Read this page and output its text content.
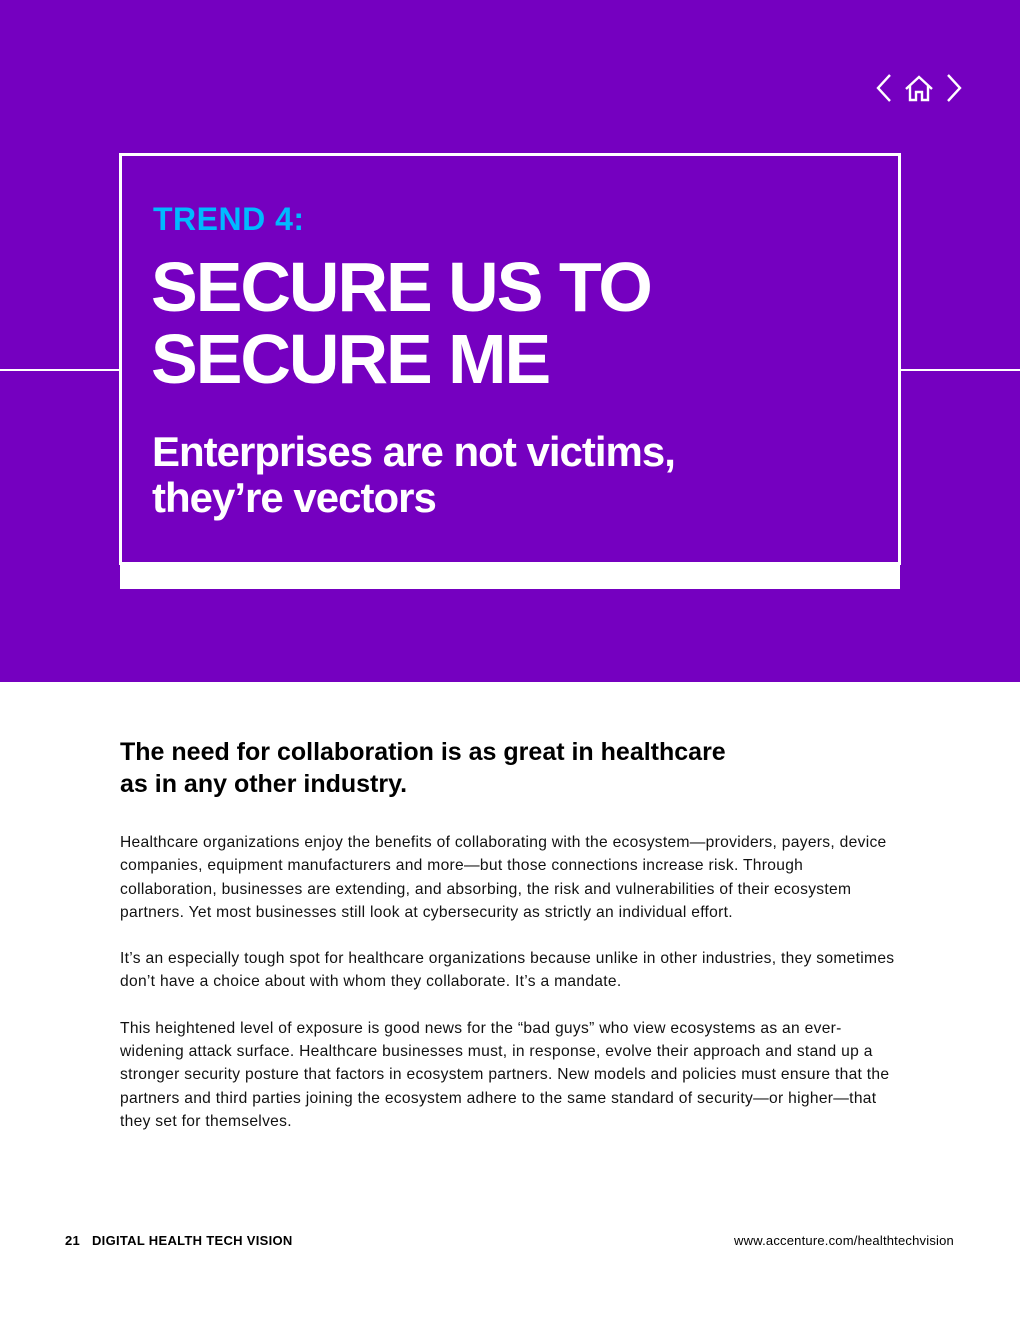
TREND 4:

SECURE US TO
SECURE ME
Enterprises are not victims,
they’re vectors
The need for collaboration is as great in healthcare
as in any other industry.

Healthcare organizations enjoy the benefits of collaborating with the ecosystem—providers, payers, device companies, equipment manufacturers and more—but those connections increase risk. Through collaboration, businesses are extending, and absorbing, the risk and vulnerabilities of their ecosystem partners. Yet most businesses still look at cybersecurity as strictly an individual effort.

It’s an especially tough spot for healthcare organizations because unlike in other industries, they sometimes don’t have a choice about with whom they collaborate. It’s a mandate.

This heightened level of exposure is good news for the “bad guys” who view ecosystems as an ever-widening attack surface. Healthcare businesses must, in response, evolve their approach and stand up a stronger security posture that factors in ecosystem partners. New models and policies must ensure that the partners and third parties joining the ecosystem adhere to the same standard of security—or higher—that they set for themselves.

21 DIGITAL HEALTH TECH VISION	www.accenture.com/healthtechvision
